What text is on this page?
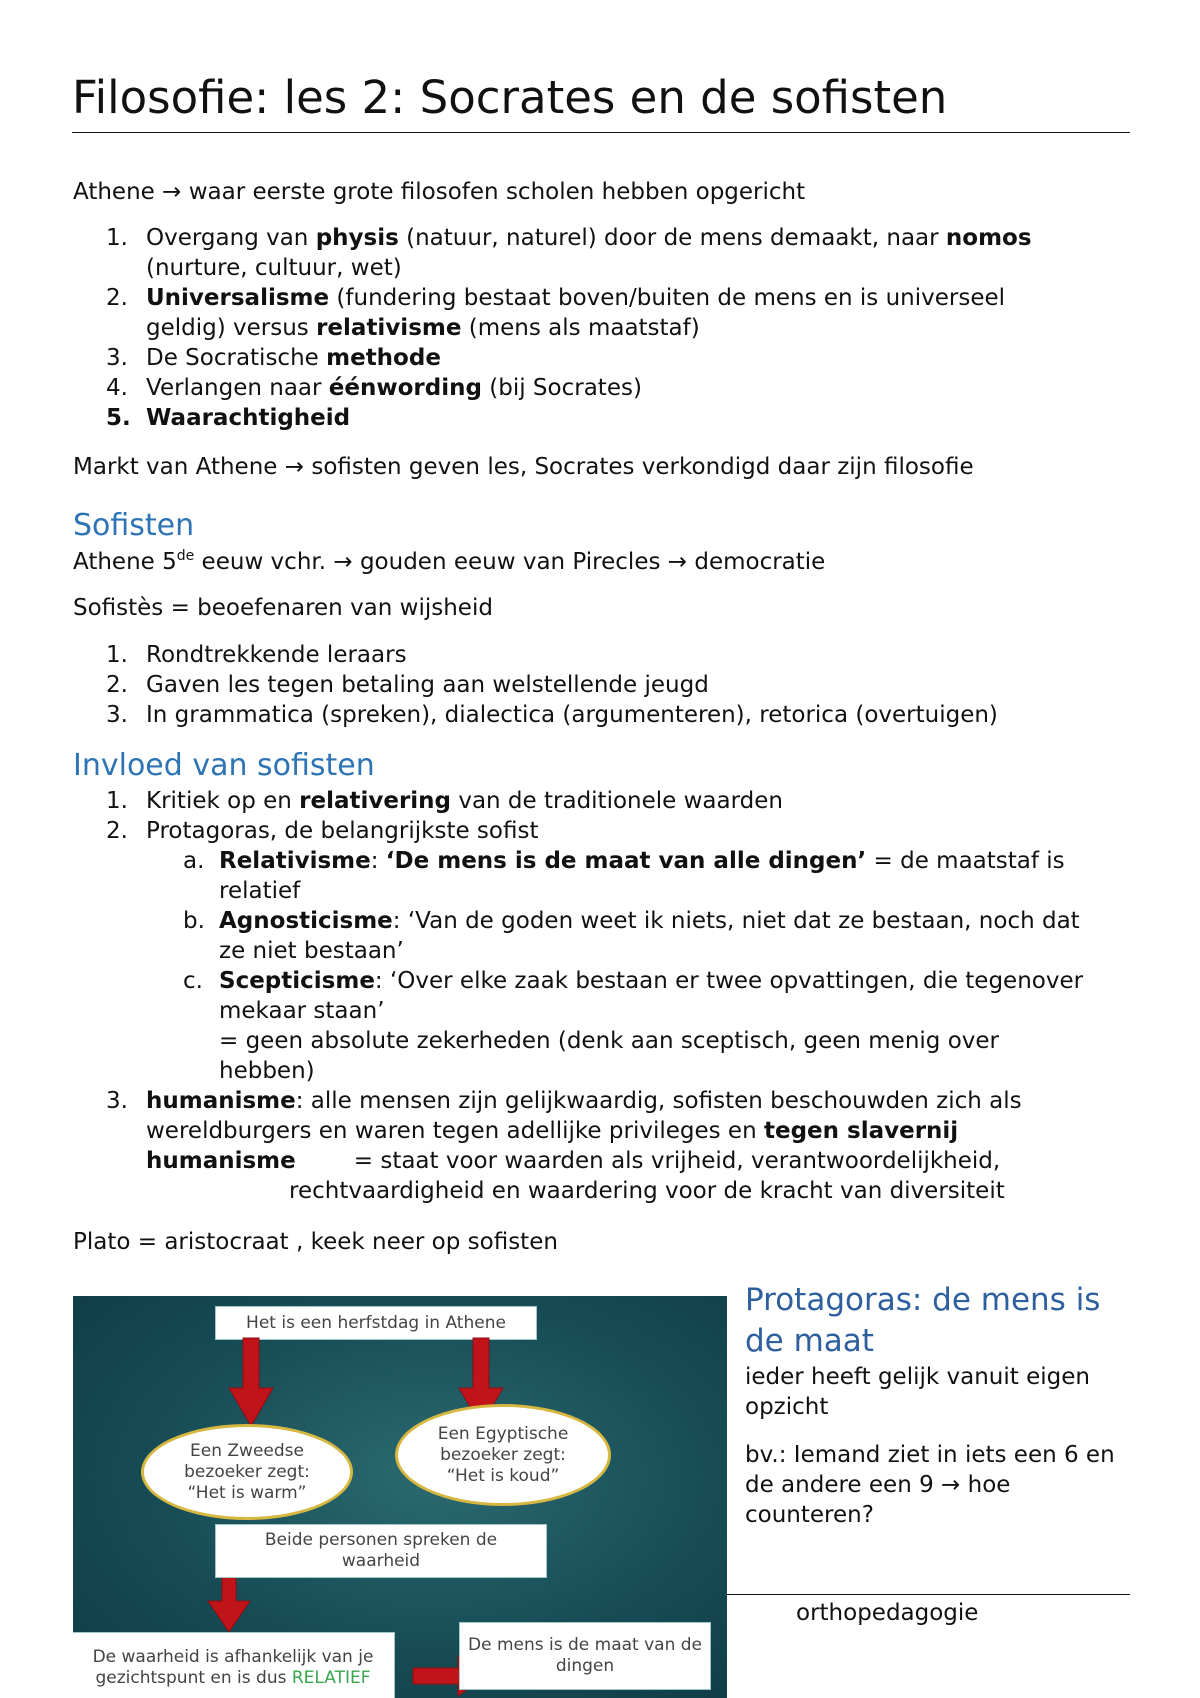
Filosofie: les 2: Socrates en de sofisten

Athene → waar eerste grote filosofen scholen hebben opgericht

1. Overgang van physis (natuur, naturel) door de mens demaakt, naar nomos
(nurture, cultuur, wet)
2. Universalisme (fundering bestaat boven/buiten de mens en is universeel
geldig) versus relativisme (mens als maatstaf)
3. De Socratische methode
4. Verlangen naar éénwording (bij Socrates)
5. Waarachtigheid

Markt van Athene → sofisten geven les, Socrates verkondigd daar zijn filosofie

Sofisten

Athene 5de eeuw vchr. → gouden eeuw van Pirecles → democratie

Sofistès = beoefenaren van wijsheid

1. Rondtrekkende leraars
2. Gaven les tegen betaling aan welstellende jeugd
3. In grammatica (spreken), dialectica (argumenteren), retorica (overtuigen)
Invloed van sofisten
1. Kritiek op en relativering van de traditionele waarden
2. Protagoras, de belangrijkste sofist
a. Relativisme: ‘De mens is de maat van alle dingen’ = de maatstaf is
relatief
b. Agnosticisme: ‘Van de goden weet ik niets, niet dat ze bestaan, noch dat
ze niet bestaan’
c. Scepticisme: ‘Over elke zaak bestaan er twee opvattingen, die tegenover
mekaar staan’
= geen absolute zekerheden (denk aan sceptisch, geen menig over
hebben)
3. humanisme: alle mensen zijn gelijkwaardig, sofisten beschouwden zich als
wereldburgers en waren tegen adellijke privileges en tegen slavernij
humanisme	= staat voor waarden als vrijheid, verantwoordelijkheid,
rechtvaardigheid en waardering voor de kracht van diversiteit

Plato = aristocraat , keek neer op sofisten

Het is een herfstdag in Athene
Een Zweedse
bezoeker zegt:
“Het is warm”
Een Egyptische
bezoeker zegt:
“Het is koud”
Beide personen spreken de
waarheid
De waarheid is afhankelijk van je
gezichtspunt en is dus RELATIEF
De mens is de maat van de
dingen
Protagoras: de mens is de maat

ieder heeft gelijk vanuit eigen opzicht

bv.: Iemand ziet in iets een 6 en de andere een 9 → hoe counteren?

orthopedagogie
